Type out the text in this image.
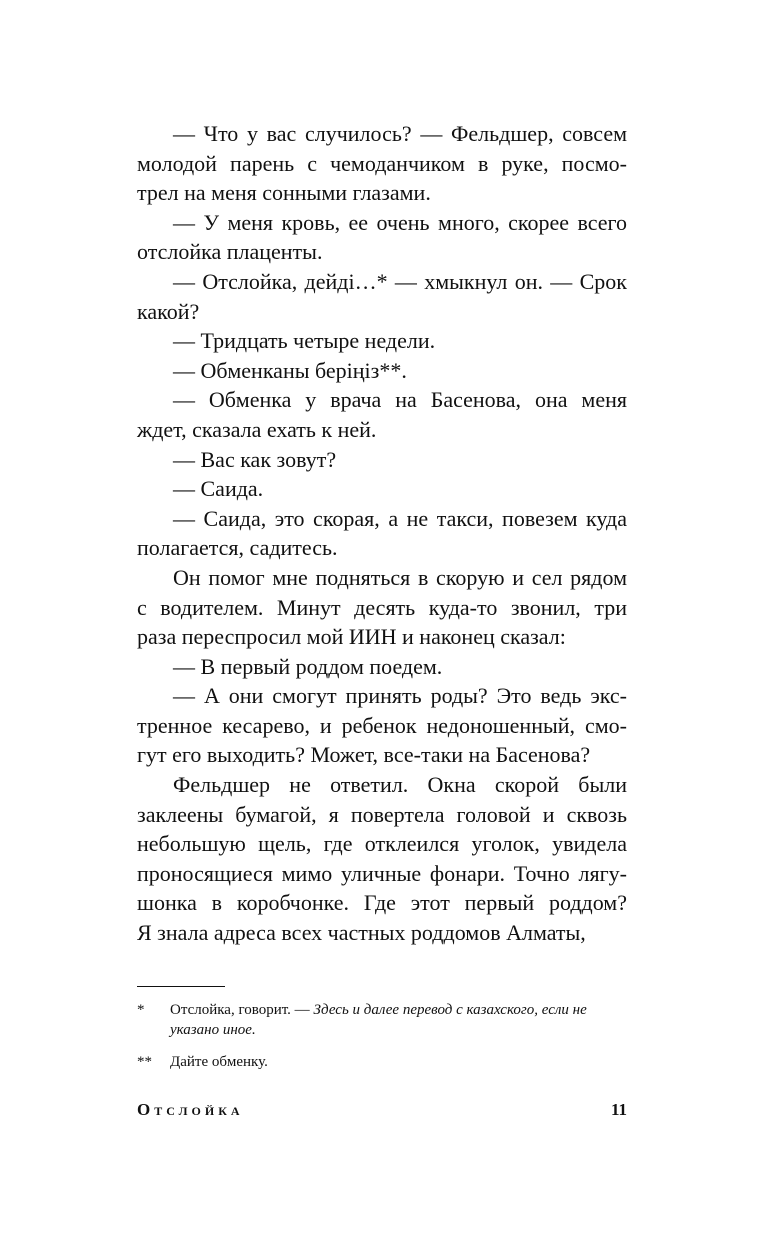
— Что у вас случилось? — Фельдшер, совсем
молодой парень с чемоданчиком в руке, посмо-
трел на меня сонными глазами.

— У меня кровь, ее очень много, скорее всего
отслойка плаценты.

— Отслойка, дейді…* — хмыкнул он. — Срок
какой?

— Тридцать четыре недели.

— Обменканы беріңіз**.

— Обменка у врача на Басенова, она меня
ждет, сказала ехать к ней.

— Вас как зовут?

— Саида.

— Саида, это скорая, а не такси, повезем куда
полагается, садитесь.

Он помог мне подняться в скорую и сел рядом
с водителем. Минут десять куда-то звонил, три
раза переспросил мой ИИН и наконец сказал:

— В первый роддом поедем.

— А они смогут принять роды? Это ведь экс-
тренное кесарево, и ребенок недоношенный, смо-
гут его выходить? Может, все-таки на Басенова?

Фельдшер не ответил. Окна скорой были
заклеены бумагой, я повертела головой и сквозь
небольшую щель, где отклеился уголок, увидела
проносящиеся мимо уличные фонари. Точно лягу-
шонка в коробчонке. Где этот первый роддом?
Я знала адреса всех частных роддомов Алматы,

*	Отслойка, говорит. — Здесь и далее перевод с казахского, если не указано иное.
**	Дайте обменку.
Отслойка	11
